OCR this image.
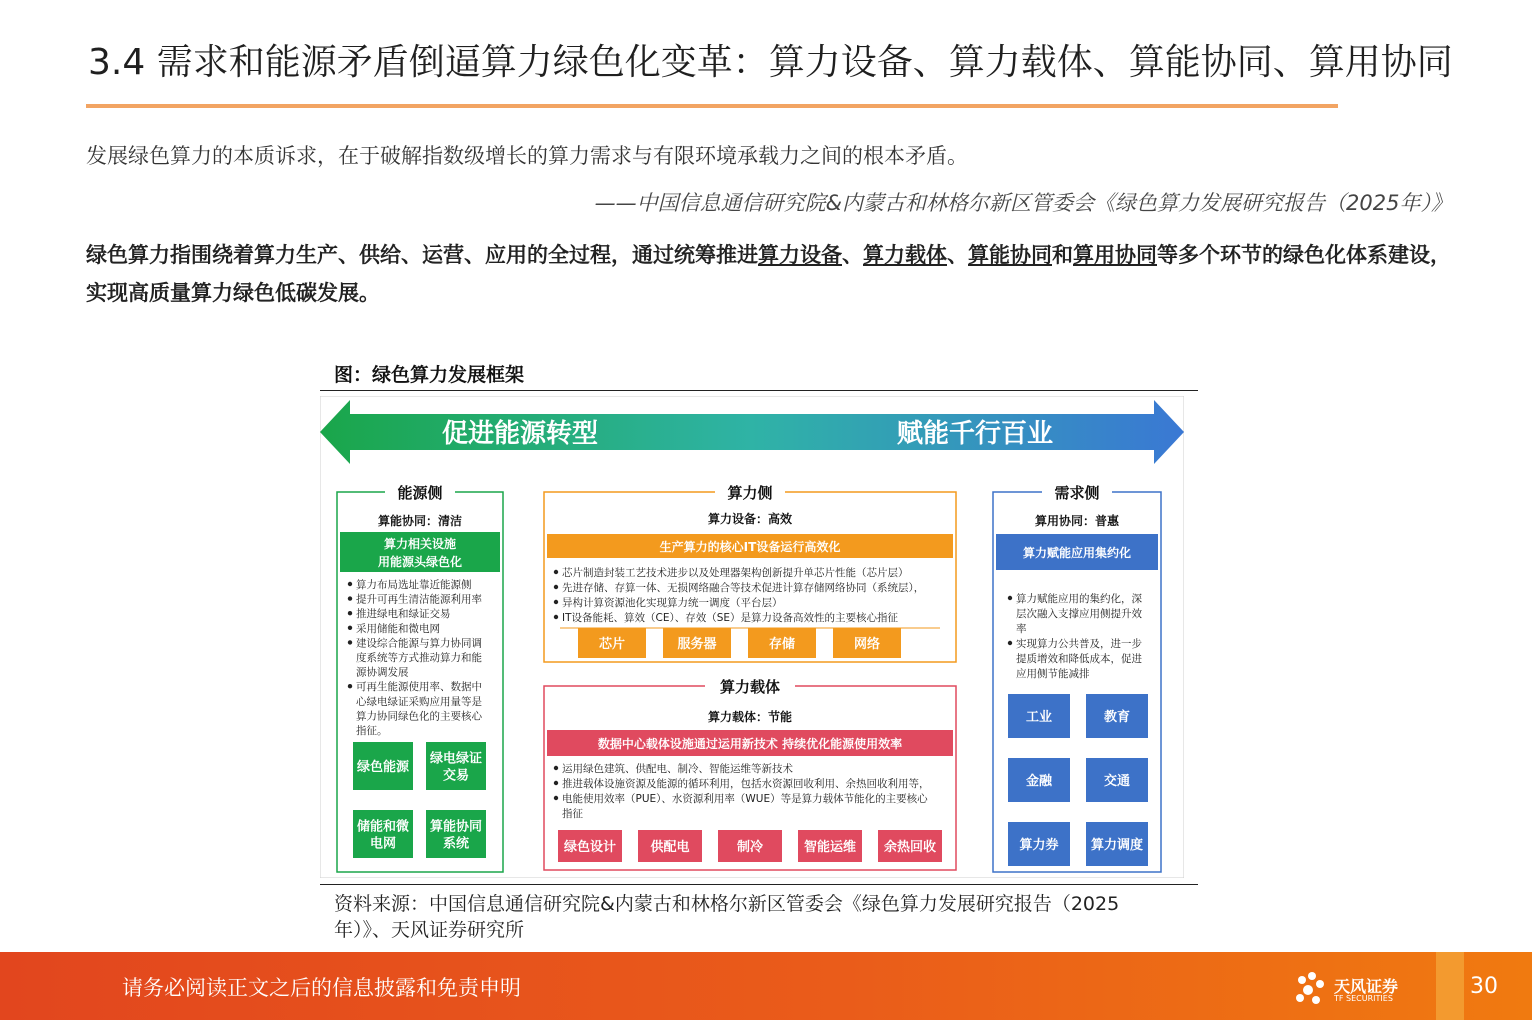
3.4 需求和能源矛盾倒逼算力绿色化变革：算力设备、算力载体、算能协同、算用协同
发展绿色算力的本质诉求，在于破解指数级增长的算力需求与有限环境承载力之间的根本矛盾。
——中国信息通信研究院&内蒙古和林格尔新区管委会《绿色算力发展研究报告（2025年）》
绿色算力指围绕着算力生产、供给、运营、应用的全过程，通过统筹推进算力设备、算力载体、算能协同和算用协同等多个环节的绿色化体系建设，实现高质量算力绿色低碳发展。
图：绿色算力发展框架
促进能源转型	赋能千行百业
能源侧
算能协同：清洁
算力相关设施
用能源头绿色化
算力布局选址靠近能源侧
提升可再生清洁能源利用率
推进绿电和绿证交易
采用储能和微电网
建设综合能源与算力协同调
度系统等方式推动算力和能
源协调发展
可再生能源使用率、数据中
心绿电绿证采购应用量等是
算力协同绿色化的主要核心
指征。
绿色能源
绿电绿证
交易
储能和微
电网
算能协同
系统
算力侧
算力设备：高效
生产算力的核心IT设备运行高效化
芯片制造封装工艺技术进步以及处理器架构创新提升单芯片性能（芯片层）
先进存储、存算一体、无损网络融合等技术促进计算存储网络协同（系统层），
异构计算资源池化实现算力统一调度（平台层）
IT设备能耗、算效（CE）、存效（SE）是算力设备高效性的主要核心指征
芯片	服务器	存储	网络
算力载体
算力载体：节能
数据中心载体设施通过运用新技术 持续优化能源使用效率
运用绿色建筑、供配电、制冷、智能运维等新技术
推进载体设施资源及能源的循环利用，包括水资源回收利用、余热回收利用等，
电能使用效率（PUE）、水资源利用率（WUE）等是算力载体节能化的主要核心
指征
绿色设计	供配电	制冷	智能运维 余热回收
需求侧
算用协同：普惠
算力赋能应用集约化
算力赋能应用的集约化，深
层次融入支撑应用侧提升效
率
实现算力公共普及，进一步
提质增效和降低成本，促进
应用侧节能减排
工业	教育
金融	交通
算力券 算力调度
资料来源：中国信息通信研究院&内蒙古和林格尔新区管委会《绿色算力发展研究报告（2025年）》、天风证券研究所
请务必阅读正文之后的信息披露和免责申明	天风证券
TF SECURITIES	30
